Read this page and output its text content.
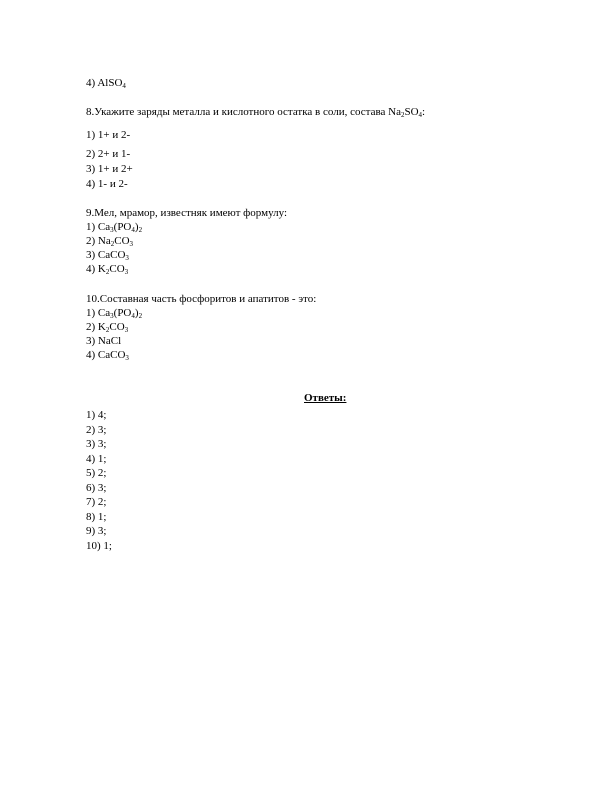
4) AlSO$_4$
8.Укажите заряды металла и кислотного остатка в соли, состава $Na_2SO_4$:
1) 1+ и 2-
2) 2+ и 1-
3) 1+ и 2+
4) 1- и 2-
9.Мел, мрамор, известняк имеют формулу:
1) $Ca_3(PO_4)_2$
2) $Na_2CO_3$
3) CaCO$_3$
4) $K_2CO_3$
10.Составная часть фосфоритов и апатитов - это:
1) $Ca_3(PO_4)_2$
2) $K_2CO_3$
3) NaCl
4) CaCO$_3$
Ответы:
1) 4;
2) 3;
3) 3;
4) 1;
5) 2;
6) 3;
7) 2;
8) 1;
9) 3;
10) 1;
